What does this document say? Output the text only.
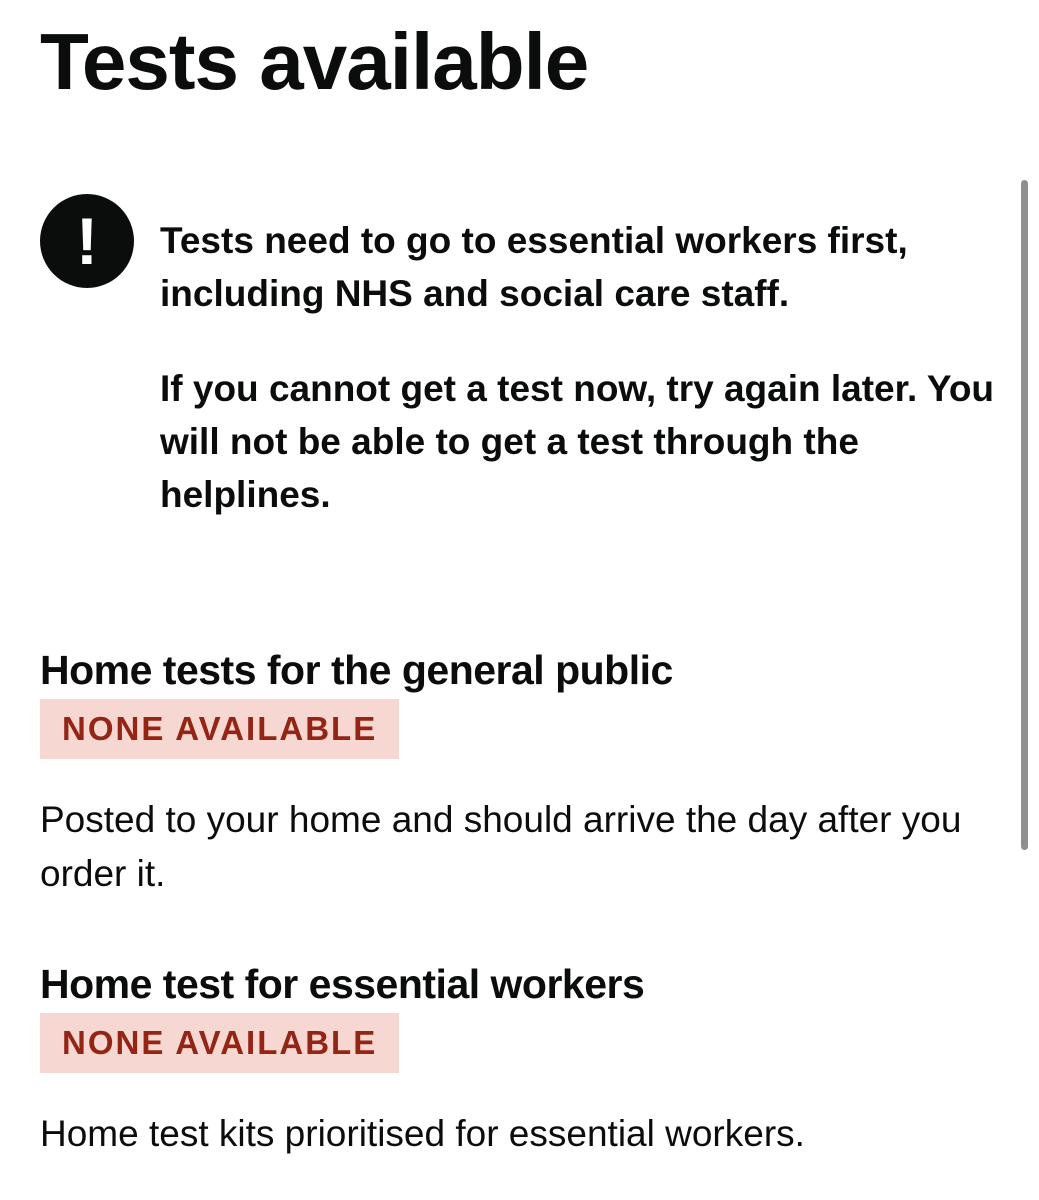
Tests available
!	Tests need to go to essential workers first, including NHS and social care staff.

If you cannot get a test now, try again later. You will not be able to get a test through the helplines.

Home tests for the general public
NONE AVAILABLE

Posted to your home and should arrive the day after you order it.

Home test for essential workers
NONE AVAILABLE

Home test kits prioritised for essential workers.
